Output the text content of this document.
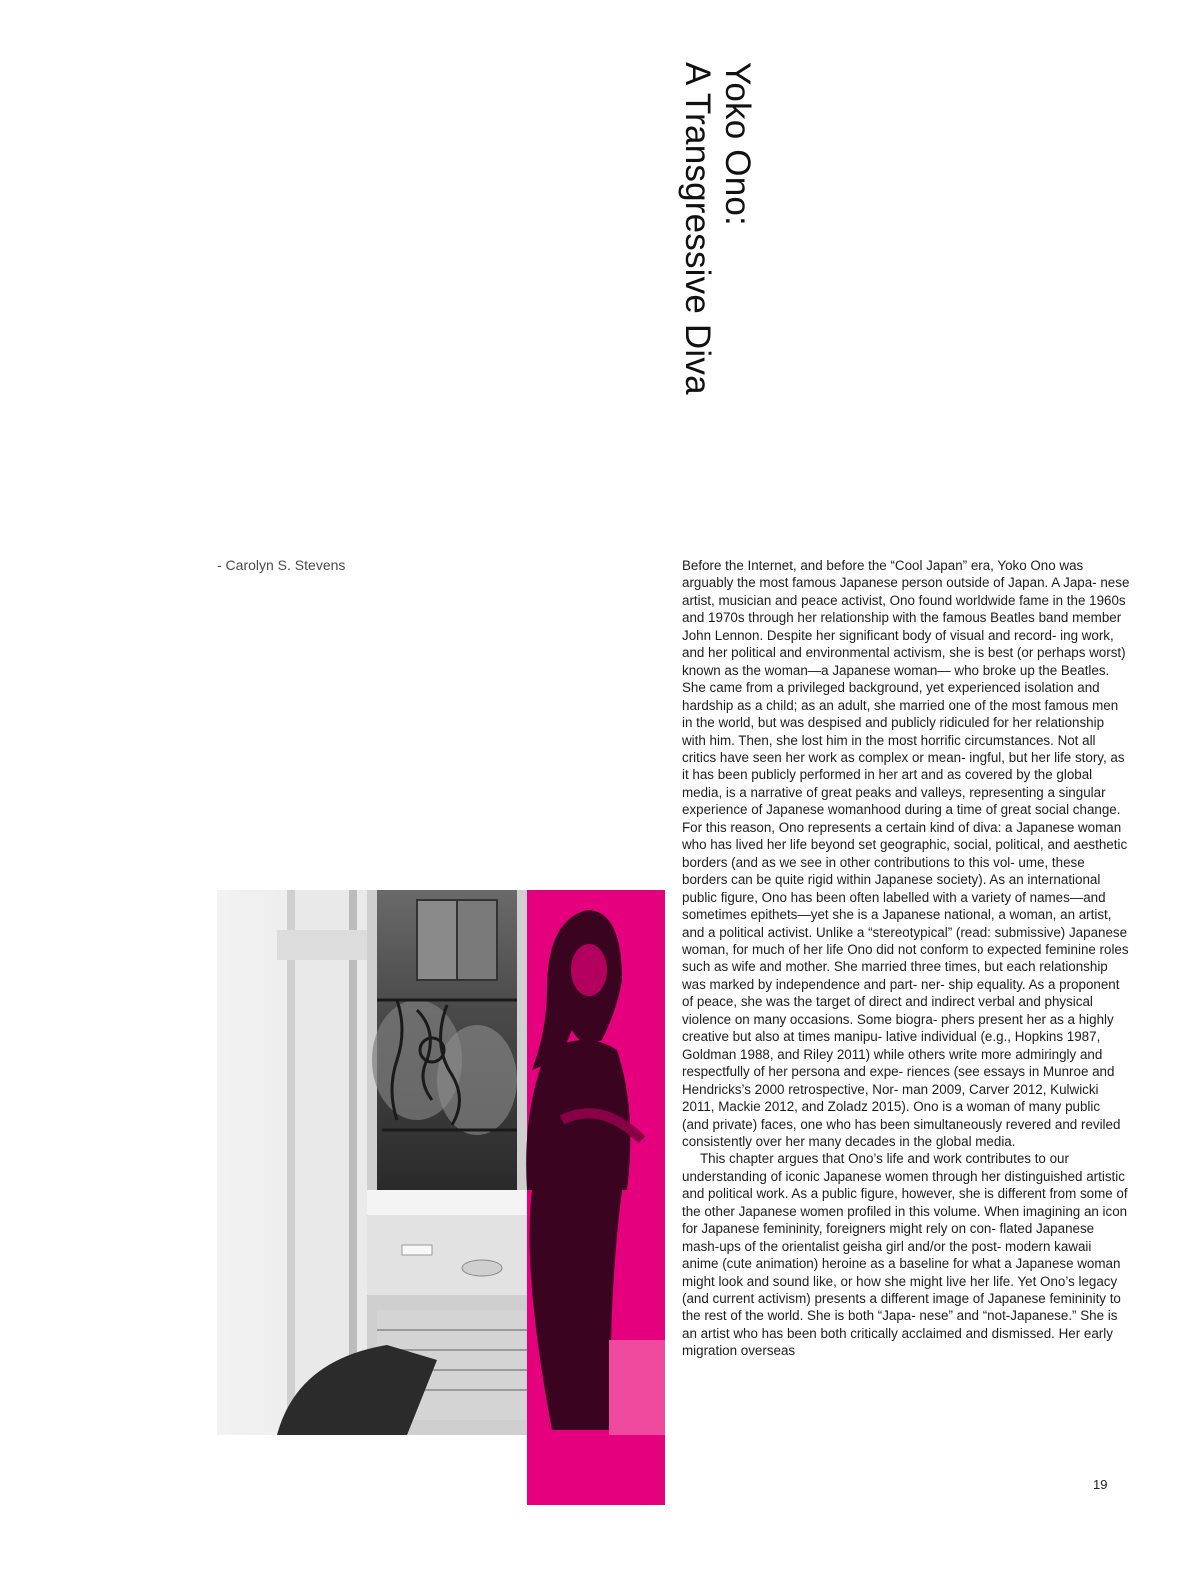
Yoko Ono:
A Transgressive Diva
- Carolyn S. Stevens	Before the Internet, and before the “Cool Japan” era, Yoko Ono was arguably the most famous Japanese person outside of Japan. A Japa- nese artist, musician and peace activist, Ono found worldwide fame in the 1960s and 1970s through her relationship with the famous Beatles band member John Lennon. Despite her significant body of visual and record- ing work, and her political and environmental activism, she is best (or perhaps worst) known as the woman—a Japanese woman— who broke up the Beatles. She came from a privileged background, yet experienced isolation and hardship as a child; as an adult, she married one of the most famous men in the world, but was despised and publicly ridiculed for her relationship with him. Then, she lost him in the most horrific circumstances. Not all critics have seen her work as complex or mean- ingful, but her life story, as it has been publicly performed in her art and as covered by the global media, is a narrative of great peaks and valleys, representing a singular experience of Japanese womanhood during a time of great social change.

For this reason, Ono represents a certain kind of diva: a Japanese woman who has lived her life beyond set geographic, social, political, and aesthetic borders (and as we see in other contributions to this vol- ume, these borders can be quite rigid within Japanese society). As an international public figure, Ono has been often labelled with a variety of names—and sometimes epithets—yet she is a Japanese national, a woman, an artist, and a political activist. Unlike a “stereotypical” (read: submissive) Japanese woman, for much of her life Ono did not conform to expected feminine roles such as wife and mother. She married three times, but each relationship was marked by independence and part- ner- ship equality. As a proponent of peace, she was the target of direct and indirect verbal and physical violence on many occasions. Some biogra- phers present her as a highly creative but also at times manipu- lative individual (e.g., Hopkins 1987, Goldman 1988, and Riley 2011) while others write more admiringly and respectfully of her persona and expe- riences (see essays in Munroe and Hendricks’s 2000 retrospective, Nor- man 2009, Carver 2012, Kulwicki 2011, Mackie 2012, and Zoladz 2015). Ono is a woman of many public (and private) faces, one who has been simultaneously revered and reviled consistently over her many decades in the global media.

This chapter argues that Ono’s life and work contributes to our understanding of iconic Japanese women through her distinguished artistic and political work. As a public figure, however, she is different from some of the other Japanese women profiled in this volume. When imagining an icon for Japanese femininity, foreigners might rely on con- flated Japanese mash-ups of the orientalist geisha girl and/or the post- modern kawaii anime (cute animation) heroine as a baseline for what a Japanese woman might look and sound like, or how she might live her life. Yet Ono’s legacy (and current activism) presents a different image of Japanese femininity to the rest of the world. She is both “Japa- nese” and “not-Japanese.” She is an artist who has been both critically acclaimed and dismissed. Her early migration overseas

19
